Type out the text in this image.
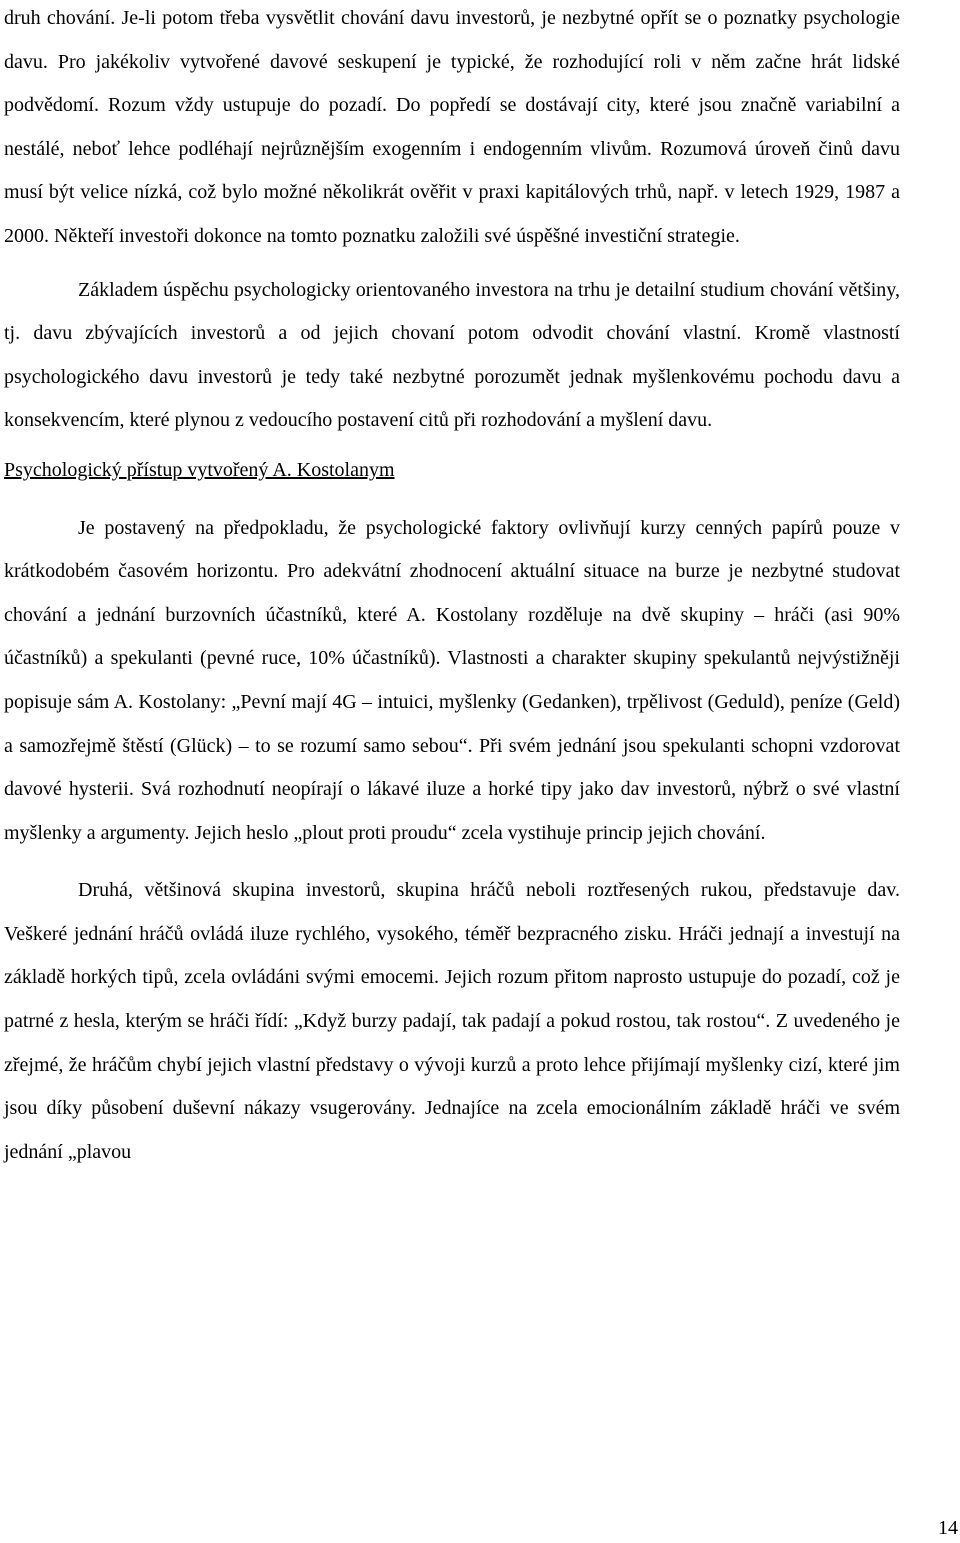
druh chování. Je-li potom třeba vysvětlit chování davu investorů, je nezbytné opřít se o poznatky psychologie davu. Pro jakékoliv vytvořené davové seskupení je typické, že rozhodující roli v něm začne hrát lidské podvědomí. Rozum vždy ustupuje do pozadí. Do popředí se dostávají city, které jsou značně variabilní a nestálé, neboť lehce podléhají nejrůznějším exogenním i endogenním vlivům. Rozumová úroveň činů davu musí být velice nízká, což bylo možné několikrát ověřit v praxi kapitálových trhů, např. v letech 1929, 1987 a 2000. Někteří investoři dokonce na tomto poznatku založili své úspěšné investiční strategie.

Základem úspěchu psychologicky orientovaného investora na trhu je detailní studium chování většiny, tj. davu zbývajících investorů a od jejich chovaní potom odvodit chování vlastní. Kromě vlastností psychologického davu investorů je tedy také nezbytné porozumět jednak myšlenkovému pochodu davu a konsekvencím, které plynou z vedoucího postavení citů při rozhodování a myšlení davu.

Psychologický přístup vytvořený A. Kostolanym

Je postavený na předpokladu, že psychologické faktory ovlivňují kurzy cenných papírů pouze v krátkodobém časovém horizontu. Pro adekvátní zhodnocení aktuální situace na burze je nezbytné studovat chování a jednání burzovních účastníků, které A. Kostolany rozděluje na dvě skupiny – hráči (asi 90% účastníků) a spekulanti (pevné ruce, 10% účastníků). Vlastnosti a charakter skupiny spekulantů nejvýstižněji popisuje sám A. Kostolany: „Pevní mají 4G – intuici, myšlenky (Gedanken), trpělivost (Geduld), peníze (Geld) a samozřejmě štěstí (Glück) – to se rozumí samo sebou“. Při svém jednání jsou spekulanti schopni vzdorovat davové hysterii. Svá rozhodnutí neopírají o lákavé iluze a horké tipy jako dav investorů, nýbrž o své vlastní myšlenky a argumenty. Jejich heslo „plout proti proudu“ zcela vystihuje princip jejich chování.

Druhá, většinová skupina investorů, skupina hráčů neboli roztřesených rukou, představuje dav. Veškeré jednání hráčů ovládá iluze rychlého, vysokého, téměř bezpracného zisku. Hráči jednají a investují na základě horkých tipů, zcela ovládáni svými emocemi. Jejich rozum přitom naprosto ustupuje do pozadí, což je patrné z hesla, kterým se hráči řídí: „Když burzy padají, tak padají a pokud rostou, tak rostou“. Z uvedeného je zřejmé, že hráčům chybí jejich vlastní představy o vývoji kurzů a proto lehce přijímají myšlenky cizí, které jim jsou díky působení duševní nákazy vsugerovány. Jednajíce na zcela emocionálním základě hráči ve svém jednání „plavou

14
